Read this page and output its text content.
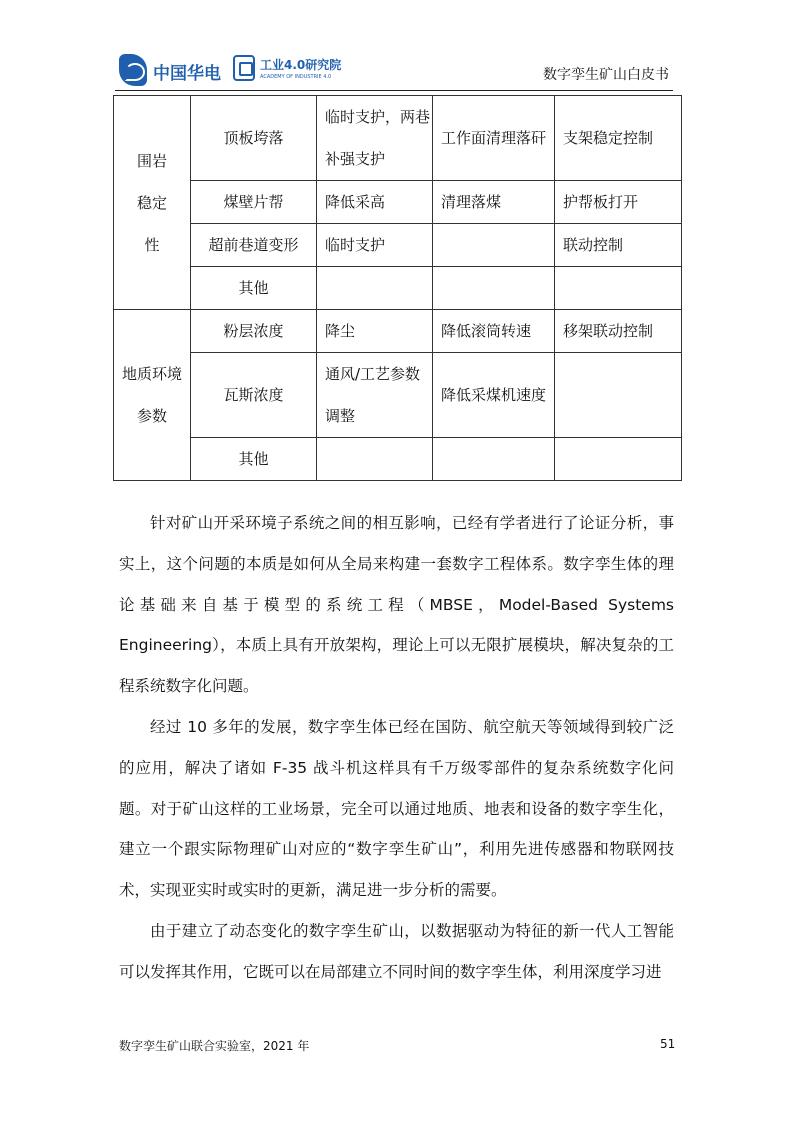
中国华电	工业4.0研究院
ACADEMY OF INDUSTRIE 4.0	数字孪生矿山白皮书
围岩稳定性	顶板垮落	临时支护，两巷补强支护	工作面清理落矸	支架稳定控制
	煤壁片帮	降低采高	清理落煤	护帮板打开
	超前巷道变形	临时支护		联动控制
	其他			

地质环境参数	粉层浓度	降尘	降低滚筒转速	移架联动控制
	瓦斯浓度	通风/工艺参数调整	降低采煤机速度	
	其他			

针对矿山开采环境子系统之间的相互影响，已经有学者进行了论证分析，事实上，这个问题的本质是如何从全局来构建一套数字工程体系。数字孪生体的理论基础来自基于模型的系统工程（MBSE，Model-Based Systems Engineering），本质上具有开放架构，理论上可以无限扩展模块，解决复杂的工程系统数字化问题。

经过 10 多年的发展，数字孪生体已经在国防、航空航天等领域得到较广泛的应用，解决了诸如 F-35 战斗机这样具有千万级零部件的复杂系统数字化问题。对于矿山这样的工业场景，完全可以通过地质、地表和设备的数字孪生化，建立一个跟实际物理矿山对应的“数字孪生矿山”，利用先进传感器和物联网技术，实现亚实时或实时的更新，满足进一步分析的需要。

由于建立了动态变化的数字孪生矿山，以数据驱动为特征的新一代人工智能可以发挥其作用，它既可以在局部建立不同时间的数字孪生体，利用深度学习进

数字孪生矿山联合实验室，2021 年	51
